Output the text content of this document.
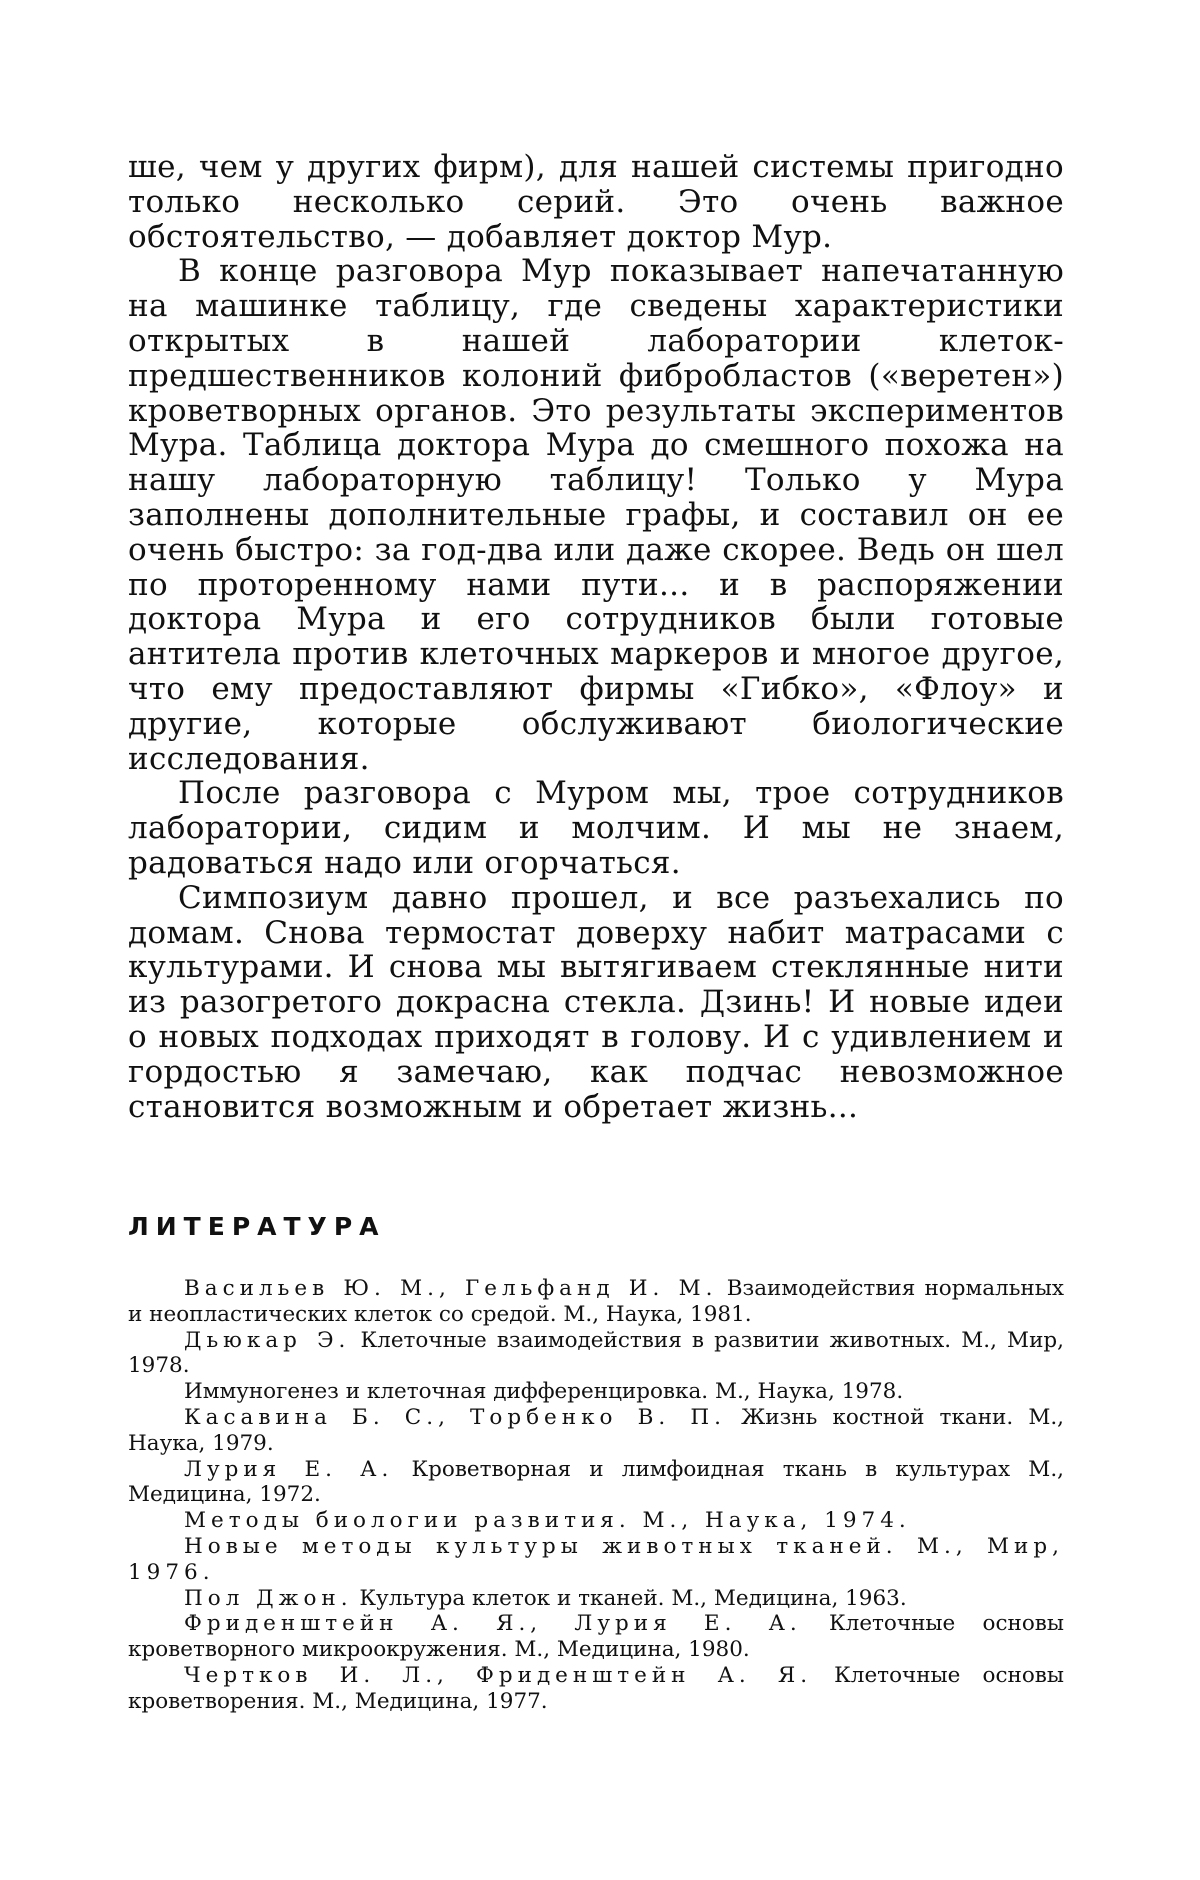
ше, чем у других фирм), для нашей системы пригодно только несколько серий. Это очень важное обстоятельство, — добавляет доктор Мур.

В конце разговора Мур показывает напечатанную на машинке таблицу, где сведены характеристики открытых в нашей лаборатории клеток-предшественников колоний фибробластов («веретен») кроветворных органов. Это результаты экспериментов Мура. Таблица доктора Мура до смешного похожа на нашу лабораторную таблицу! Только у Мура заполнены дополнительные графы, и составил он ее очень быстро: за год-два или даже скорее. Ведь он шел по проторенному нами пути... и в распоряжении доктора Мура и его сотрудников были готовые антитела против клеточных маркеров и многое другое, что ему предоставляют фирмы «Гибко», «Флоу» и другие, которые обслуживают биологические исследования.

После разговора с Муром мы, трое сотрудников лаборатории, сидим и молчим. И мы не знаем, радоваться надо или огорчаться.

Симпозиум давно прошел, и все разъехались по домам. Снова термостат доверху набит матрасами с культурами. И снова мы вытягиваем стеклянные нити из разогретого докрасна стекла. Дзинь! И новые идеи о новых подходах приходят в голову. И с удивлением и гордостью я замечаю, как подчас невозможное становится возможным и обретает жизнь...

ЛИТЕРАТУРА

Васильев Ю. М., Гельфанд И. М. Взаимодействия нормальных и неопластических клеток со средой. М., Наука, 1981.

Дьюкар Э. Клеточные взаимодействия в развитии животных. М., Мир, 1978.

Иммуногенез и клеточная дифференцировка. М., Наука, 1978.

Касавина Б. С., Торбенко В. П. Жизнь костной ткани. М., Наука, 1979.

Лурия Е. А. Кроветворная и лимфоидная ткань в культурах М., Медицина, 1972.

Методы биологии развития. М., Наука, 1974.

Новые методы культуры животных тканей. М., Мир, 1976.

Пол Джон. Культура клеток и тканей. М., Медицина, 1963.

Фриденштейн А. Я., Лурия Е. А. Клеточные основы кроветворного микроокружения. М., Медицина, 1980.

Чертков И. Л., Фриденштейн А. Я. Клеточные основы кроветворения. М., Медицина, 1977.
